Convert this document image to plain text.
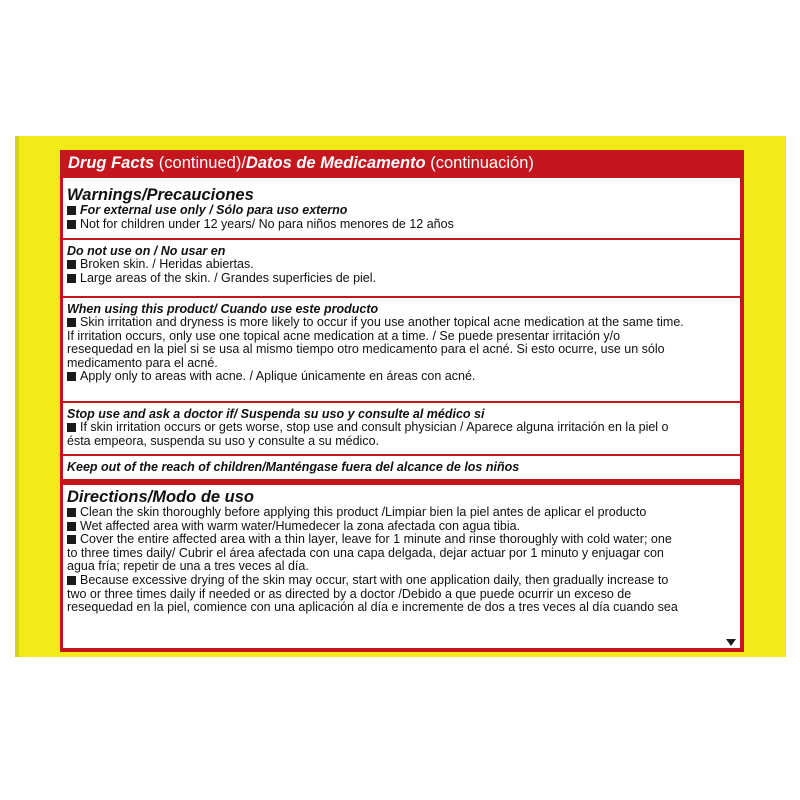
Drug Facts (continued)/Datos de Medicamento (continuación)
Warnings/Precauciones
For external use only / Sólo para uso externo
Not for children under 12 years/ No para niños menores de 12 años
Do not use on / No usar en
Broken skin. / Heridas abiertas.
Large areas of the skin. / Grandes superficies de piel.
When using this product/ Cuando use este producto
Skin irritation and dryness is more likely to occur if you use another topical acne medication at the same time.
If irritation occurs, only use one topical acne medication at a time. / Se puede presentar irritación y/o
resequedad en la piel si se usa al mismo tiempo otro medicamento para el acné. Si esto ocurre, use un sólo
medicamento para el acné.
Apply only to areas with acne. / Aplique únicamente en áreas con acné.
Stop use and ask a doctor if/ Suspenda su uso y consulte al médico si
If skin irritation occurs or gets worse, stop use and consult physician / Aparece alguna irritación en la piel o
ésta empeora, suspenda su uso y consulte a su médico.
Keep out of the reach of children/Manténgase fuera del alcance de los niños
Directions/Modo de uso
Clean the skin thoroughly before applying this product /Limpiar bien la piel antes de aplicar el producto
Wet affected area with warm water/Humedecer la zona afectada con agua tibia.
Cover the entire affected area with a thin layer, leave for 1 minute and rinse thoroughly with cold water; one
to three times daily/ Cubrir el área afectada con una capa delgada, dejar actuar por 1 minuto y enjuagar con
agua fría; repetir de una a tres veces al día.
Because excessive drying of the skin may occur, start with one application daily, then gradually increase to
two or three times daily if needed or as directed by a doctor /Debido a que puede ocurrir un exceso de
resequedad en la piel, comience con una aplicación al día e incremente de dos a tres veces al día cuando sea
